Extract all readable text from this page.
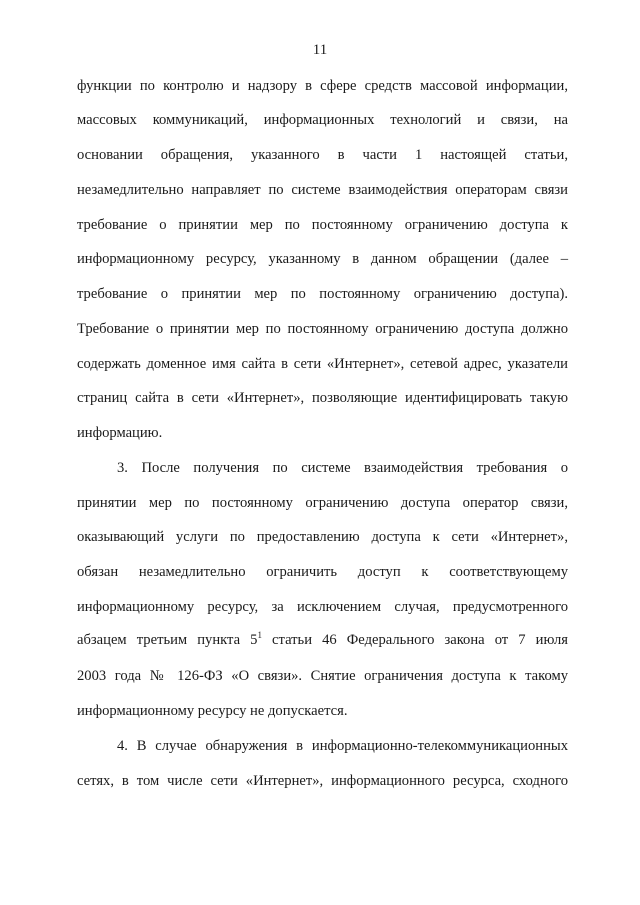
11
функции по контролю и надзору в сфере средств массовой информации,
массовых коммуникаций, информационных технологий и связи, на
основании обращения, указанного в части 1 настоящей статьи,
незамедлительно направляет по системе взаимодействия операторам связи
требование о принятии мер по постоянному ограничению доступа к
информационному ресурсу, указанному в данном обращении (далее –
требование о принятии мер по постоянному ограничению доступа).
Требование о принятии мер по постоянному ограничению доступа должно
содержать доменное имя сайта в сети «Интернет», сетевой адрес, указатели
страниц сайта в сети «Интернет», позволяющие идентифицировать такую
информацию.
3. После получения по системе взаимодействия требования о
принятии мер по постоянному ограничению доступа оператор связи,
оказывающий услуги по предоставлению доступа к сети «Интернет»,
обязан незамедлительно ограничить доступ к соответствующему
информационному ресурсу, за исключением случая, предусмотренного
абзацем третьим пункта $5^1$ статьи 46 Федерального закона от 7 июля
2003 года № 126-ФЗ «О связи». Снятие ограничения доступа к такому
информационному ресурсу не допускается.
4. В случае обнаружения в информационно-телекоммуникационных
сетях, в том числе сети «Интернет», информационного ресурса, сходного
